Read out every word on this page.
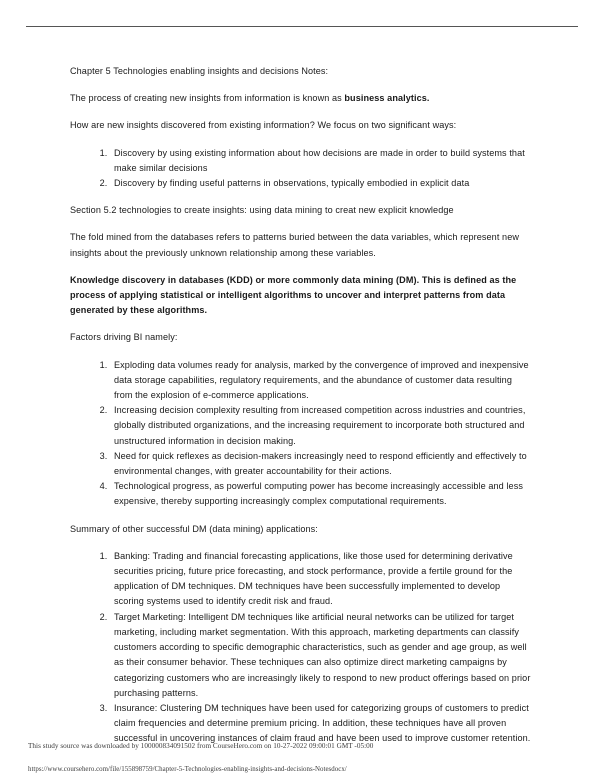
Chapter 5 Technologies enabling insights and decisions Notes:

The process of creating new insights from information is known as business analytics.

How are new insights discovered from existing information? We focus on two significant ways:

1. Discovery by using existing information about how decisions are made in order to build systems that make similar decisions
2. Discovery by finding useful patterns in observations, typically embodied in explicit data

Section 5.2 technologies to create insights: using data mining to creat new explicit knowledge

The fold mined from the databases refers to patterns buried between the data variables, which represent new insights about the previously unknown relationship among these variables.

Knowledge discovery in databases (KDD) or more commonly data mining (DM). This is defined as the process of applying statistical or intelligent algorithms to uncover and interpret patterns from data generated by these algorithms.

Factors driving BI namely:

1. Exploding data volumes ready for analysis, marked by the convergence of improved and inexpensive data storage capabilities, regulatory requirements, and the abundance of customer data resulting from the explosion of e-commerce applications.
2. Increasing decision complexity resulting from increased competition across industries and countries, globally distributed organizations, and the increasing requirement to incorporate both structured and unstructured information in decision making.
3. Need for quick reflexes as decision-makers increasingly need to respond efficiently and effectively to environmental changes, with greater accountability for their actions.
4. Technological progress, as powerful computing power has become increasingly accessible and less expensive, thereby supporting increasingly complex computational requirements.

Summary of other successful DM (data mining) applications:

1. Banking: Trading and financial forecasting applications, like those used for determining derivative securities pricing, future price forecasting, and stock performance, provide a fertile ground for the application of DM techniques. DM techniques have been successfully implemented to develop scoring systems used to identify credit risk and fraud.
2. Target Marketing: Intelligent DM techniques like artificial neural networks can be utilized for target marketing, including market segmentation. With this approach, marketing departments can classify customers according to specific demographic characteristics, such as gender and age group, as well as their consumer behavior. These techniques can also optimize direct marketing campaigns by categorizing customers who are increasingly likely to respond to new product offerings based on prior purchasing patterns.
3. Insurance: Clustering DM techniques have been used for categorizing groups of customers to predict claim frequencies and determine premium pricing. In addition, these techniques have all proven successful in uncovering instances of claim fraud and have been used to improve customer retention.
This study source was downloaded by 100000834091502 from CourseHero.com on 10-27-2022 09:00:01 GMT -05:00
https://www.coursehero.com/file/155898759/Chapter-5-Technologies-enabling-insights-and-decisions-Notesdocx/
